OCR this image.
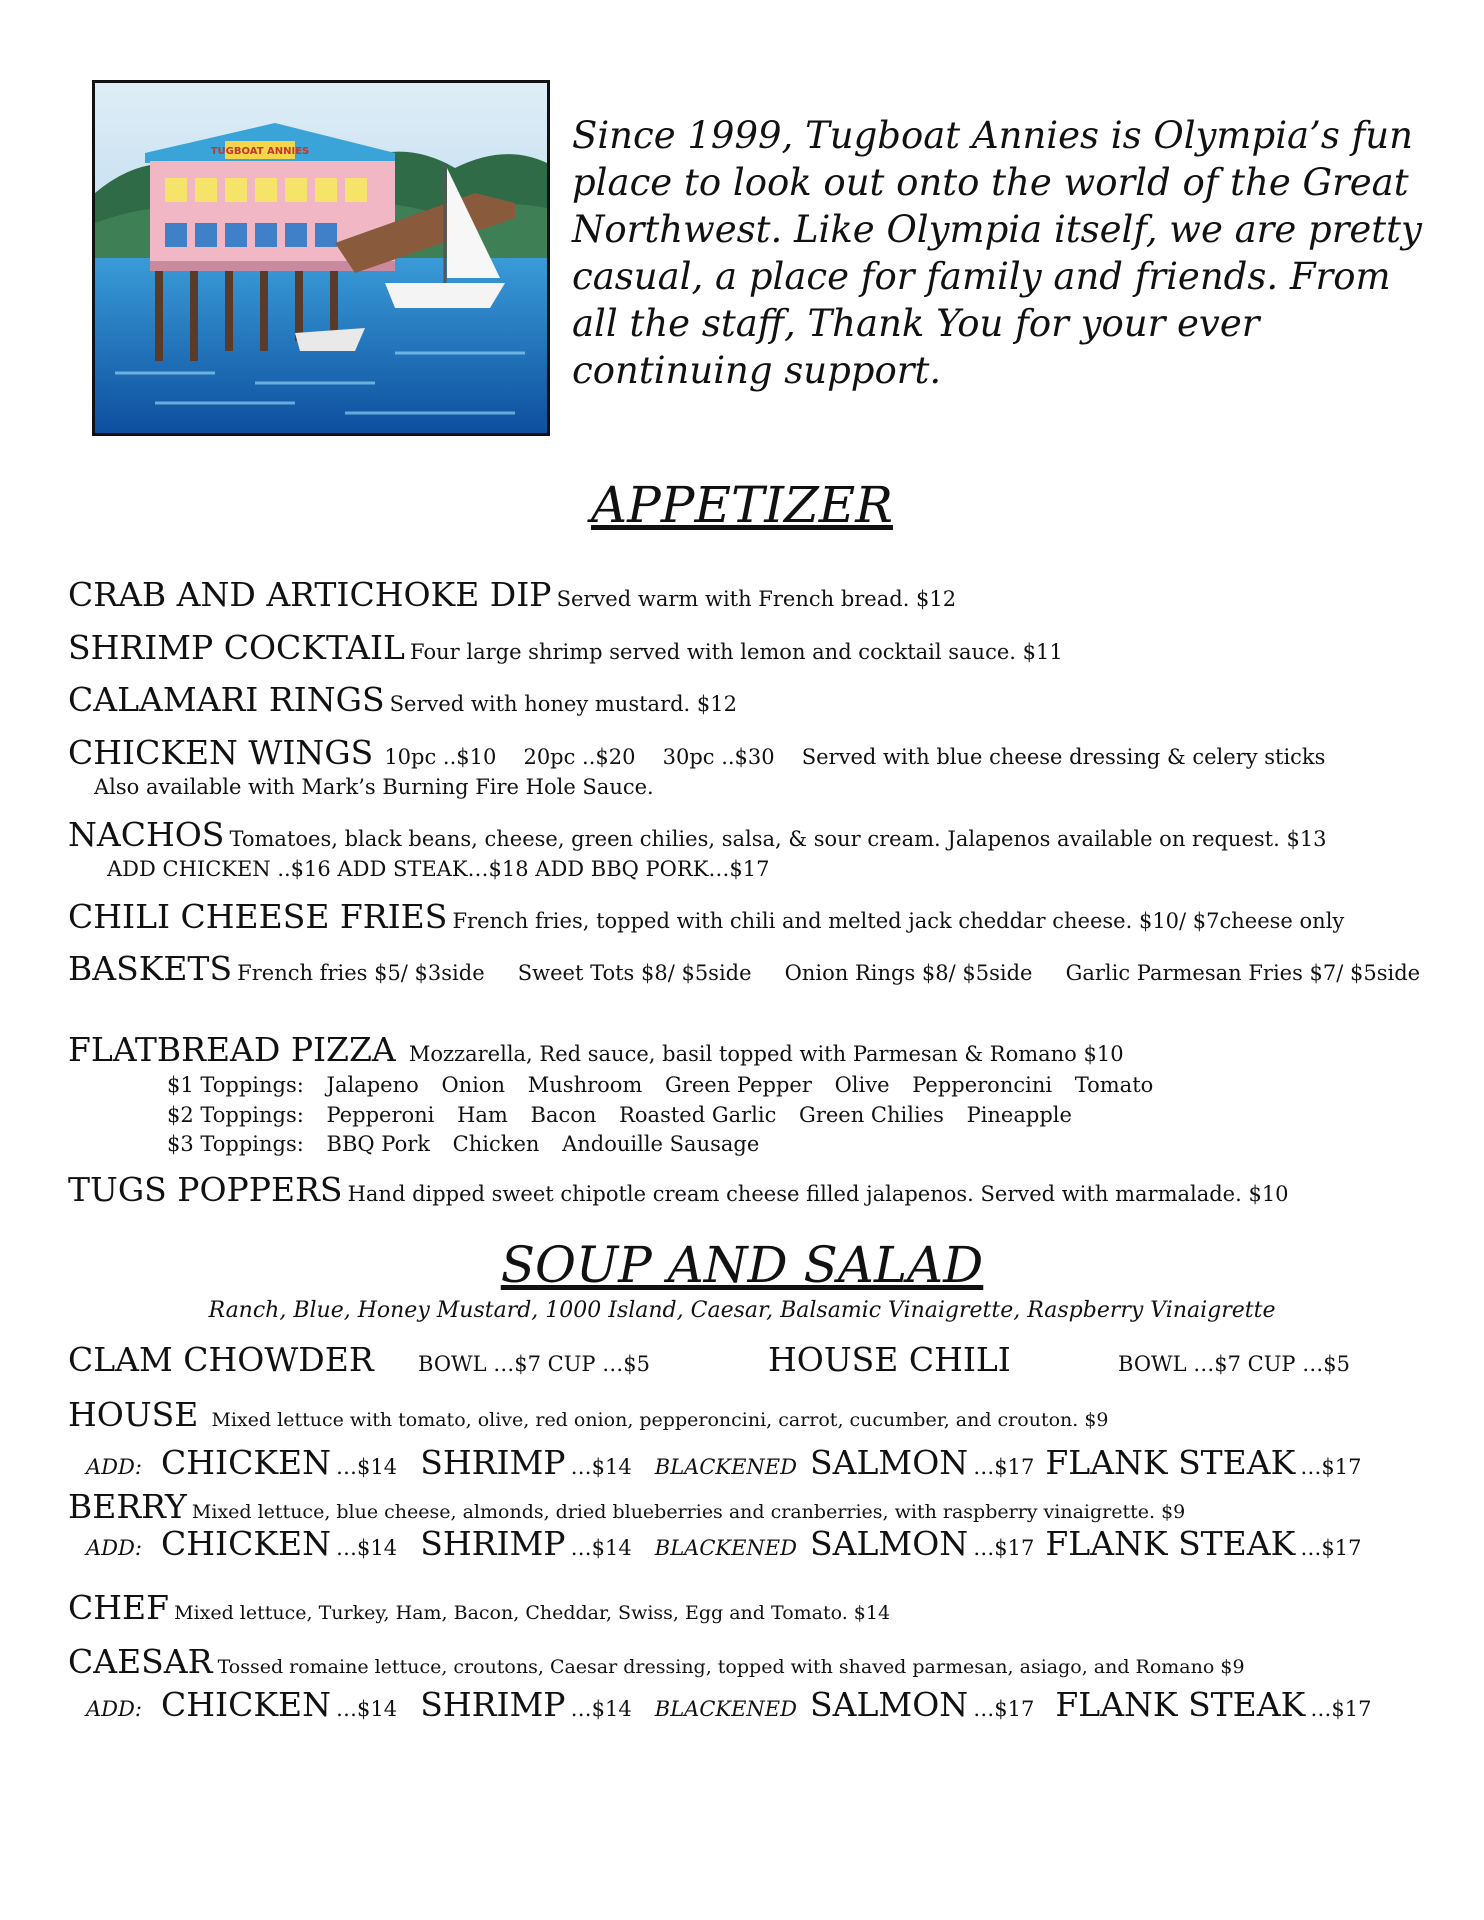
TUGBOAT ANNIES	Since 1999, Tugboat Annies is Olympia’s fun place to look out onto the world of the Great Northwest. Like Olympia itself, we are pretty casual, a place for family and friends. From all the staff, Thank You for your ever continuing support.
APPETIZER
CRAB AND ARTICHOKE DIP Served warm with French bread. $12
SHRIMP COCKTAIL Four large shrimp served with lemon and cocktail sauce. $11
CALAMARI RINGS Served with honey mustard. $12
CHICKEN WINGS 10pc ..$10 20pc ..$20 30pc ..$30 Served with blue cheese dressing & celery sticks
Also available with Mark’s Burning Fire Hole Sauce.
NACHOS Tomatoes, black beans, cheese, green chilies, salsa, & sour cream. Jalapenos available on request. $13
ADD CHICKEN ..$16 ADD STEAK…$18 ADD BBQ PORK…$17
CHILI CHEESE FRIES French fries, topped with chili and melted jack cheddar cheese. $10/ $7cheese only
BASKETS French fries $5/ $3side Sweet Tots $8/ $5side Onion Rings $8/ $5side Garlic Parmesan Fries $7/ $5side
FLATBREAD PIZZA Mozzarella, Red sauce, basil topped with Parmesan & Romano $10
$1 Toppings: Jalapeno Onion Mushroom Green Pepper Olive Pepperoncini Tomato
$2 Toppings: Pepperoni Ham Bacon Roasted Garlic Green Chilies Pineapple
$3 Toppings: BBQ Pork Chicken Andouille Sausage
TUGS POPPERS Hand dipped sweet chipotle cream cheese filled jalapenos. Served with marmalade. $10
SOUP AND SALAD
Ranch, Blue, Honey Mustard, 1000 Island, Caesar, Balsamic Vinaigrette, Raspberry Vinaigrette
CLAM CHOWDER	BOWL …$7 CUP …$5	HOUSE CHILI	BOWL …$7 CUP …$5
HOUSE Mixed lettuce with tomato, olive, red onion, pepperoncini, carrot, cucumber, and crouton. $9
ADD: CHICKEN …$14 SHRIMP …$14 BLACKENED SALMON …$17 FLANK STEAK …$17
BERRY Mixed lettuce, blue cheese, almonds, dried blueberries and cranberries, with raspberry vinaigrette. $9
ADD: CHICKEN …$14 SHRIMP …$14 BLACKENED SALMON …$17 FLANK STEAK …$17
CHEF Mixed lettuce, Turkey, Ham, Bacon, Cheddar, Swiss, Egg and Tomato. $14
CAESAR Tossed romaine lettuce, croutons, Caesar dressing, topped with shaved parmesan, asiago, and Romano $9
ADD: CHICKEN …$14 SHRIMP …$14 BLACKENED SALMON …$17 FLANK STEAK …$17
